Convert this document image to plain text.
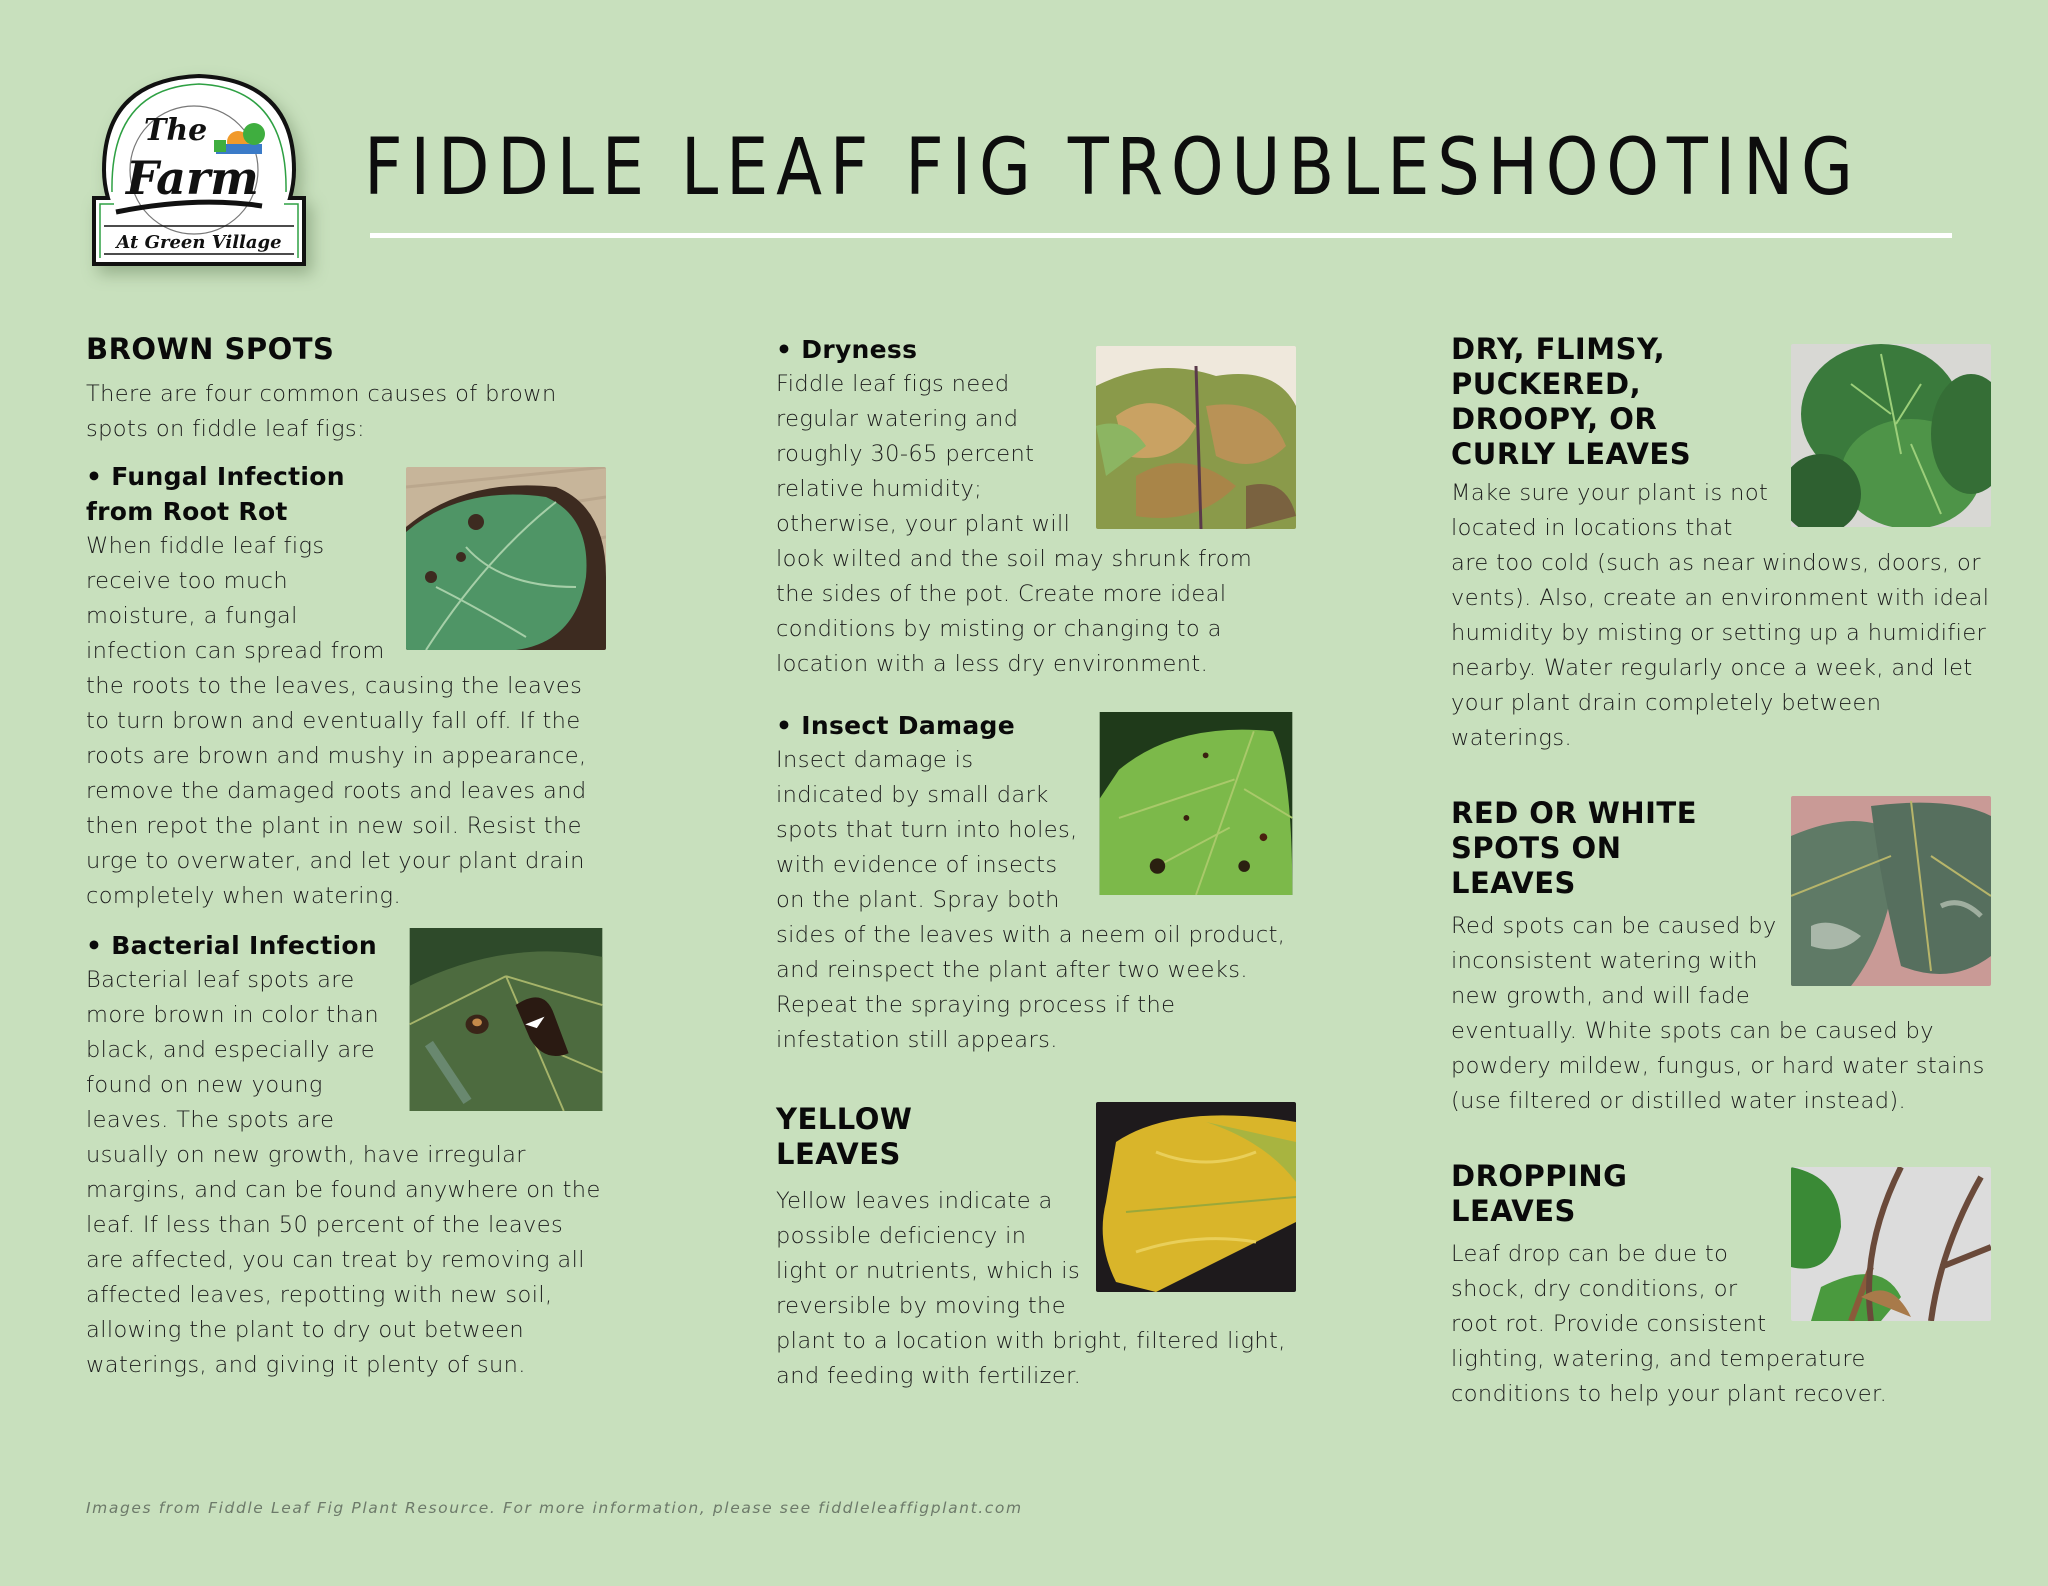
The
Farm
At Green Village
FIDDLE LEAF FIG TROUBLESHOOTING
BROWN SPOTS
There are four common causes of brown spots on fiddle leaf figs:
• Fungal Infection from Root Rot
When fiddle leaf figs receive too much moisture, a fungal infection can spread from the roots to the leaves, causing the leaves to turn brown and eventually fall off. If the roots are brown and mushy in appearance, remove the damaged roots and leaves and then repot the plant in new soil. Resist the urge to overwater, and let your plant drain completely when watering.
• Bacterial Infection
Bacterial leaf spots are more brown in color than black, and especially are found on new young leaves. The spots are usually on new growth, have irregular margins, and can be found anywhere on the leaf. If less than 50 percent of the leaves are affected, you can treat by removing all affected leaves, repotting with new soil, allowing the plant to dry out between waterings, and giving it plenty of sun.
• Dryness
Fiddle leaf figs need regular watering and roughly 30-65 percent relative humidity; otherwise, your plant will look wilted and the soil may shrunk from the sides of the pot. Create more ideal conditions by misting or changing to a location with a less dry environment.
• Insect Damage
Insect damage is indicated by small dark spots that turn into holes, with evidence of insects on the plant. Spray both sides of the leaves with a neem oil product, and reinspect the plant after two weeks. Repeat the spraying process if the infestation still appears.
YELLOW LEAVES
Yellow leaves indicate a possible deficiency in light or nutrients, which is reversible by moving the plant to a location with bright, filtered light, and feeding with fertilizer.
DRY, FLIMSY, PUCKERED, DROOPY, OR CURLY LEAVES
Make sure your plant is not located in locations that are too cold (such as near windows, doors, or vents). Also, create an environment with ideal humidity by misting or setting up a humidifier nearby. Water regularly once a week, and let your plant drain completely between waterings.
RED OR WHITE SPOTS ON LEAVES
Red spots can be caused by inconsistent watering with new growth, and will fade eventually. White spots can be caused by powdery mildew, fungus, or hard water stains (use filtered or distilled water instead).
DROPPING LEAVES
Leaf drop can be due to shock, dry conditions, or root rot. Provide consistent lighting, watering, and temperature conditions to help your plant recover.
Images from Fiddle Leaf Fig Plant Resource. For more information, please see fiddleleaffigplant.com
